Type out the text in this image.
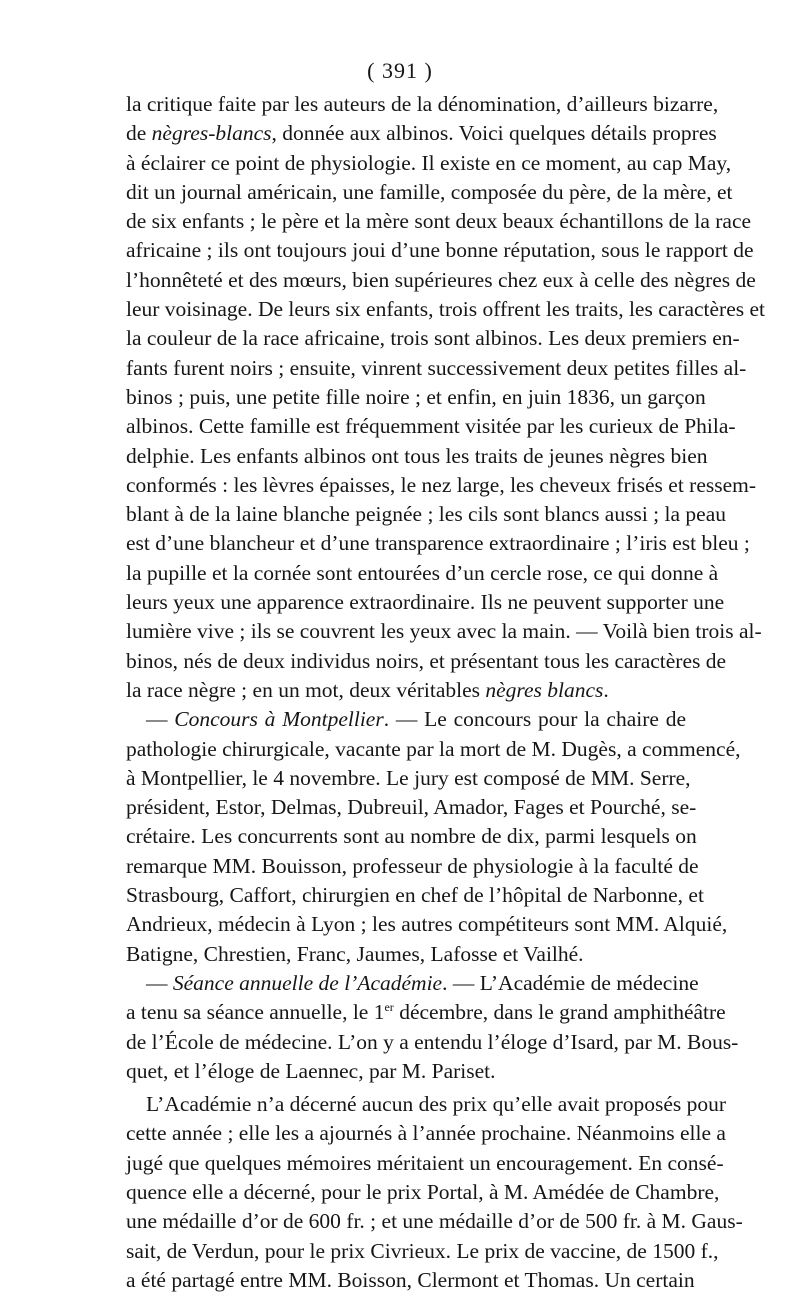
( 391 )
la critique faite par les auteurs de la dénomination, d’ailleurs bizarre,
de nègres-blancs, donnée aux albinos. Voici quelques détails propres
à éclairer ce point de physiologie. Il existe en ce moment, au cap May,
dit un journal américain, une famille, composée du père, de la mère, et
de six enfants ; le père et la mère sont deux beaux échantillons de la race
africaine ; ils ont toujours joui d’une bonne réputation, sous le rapport de
l’honnêteté et des mœurs, bien supérieures chez eux à celle des nègres de
leur voisinage. De leurs six enfants, trois offrent les traits, les caractères et
la couleur de la race africaine, trois sont albinos. Les deux premiers en-
fants furent noirs ; ensuite, vinrent successivement deux petites filles al-
binos ; puis, une petite fille noire ; et enfin, en juin 1836, un garçon
albinos. Cette famille est fréquemment visitée par les curieux de Phila-
delphie. Les enfants albinos ont tous les traits de jeunes nègres bien
conformés : les lèvres épaisses, le nez large, les cheveux frisés et ressem-
blant à de la laine blanche peignée ; les cils sont blancs aussi ; la peau
est d’une blancheur et d’une transparence extraordinaire ; l’iris est bleu ;
la pupille et la cornée sont entourées d’un cercle rose, ce qui donne à
leurs yeux une apparence extraordinaire. Ils ne peuvent supporter une
lumière vive ; ils se couvrent les yeux avec la main. — Voilà bien trois al-
binos, nés de deux individus noirs, et présentant tous les caractères de
la race nègre ; en un mot, deux véritables nègres blancs.
— Concours à Montpellier. — Le concours pour la chaire de
pathologie chirurgicale, vacante par la mort de M. Dugès, a commencé,
à Montpellier, le 4 novembre. Le jury est composé de MM. Serre,
président, Estor, Delmas, Dubreuil, Amador, Fages et Pourché, se-
crétaire. Les concurrents sont au nombre de dix, parmi lesquels on
remarque MM. Bouisson, professeur de physiologie à la faculté de
Strasbourg, Caffort, chirurgien en chef de l’hôpital de Narbonne, et
Andrieux, médecin à Lyon ; les autres compétiteurs sont MM. Alquié,
Batigne, Chrestien, Franc, Jaumes, Lafosse et Vailhé.
— Séance annuelle de l’Académie. — L’Académie de médecine
a tenu sa séance annuelle, le 1er décembre, dans le grand amphithéâtre
de l’École de médecine. L’on y a entendu l’éloge d’Isard, par M. Bous-
quet, et l’éloge de Laennec, par M. Pariset.
L’Académie n’a décerné aucun des prix qu’elle avait proposés pour
cette année ; elle les a ajournés à l’année prochaine. Néanmoins elle a
jugé que quelques mémoires méritaient un encouragement. En consé-
quence elle a décerné, pour le prix Portal, à M. Amédée de Chambre,
une médaille d’or de 600 fr. ; et une médaille d’or de 500 fr. à M. Gaus-
sait, de Verdun, pour le prix Civrieux. Le prix de vaccine, de 1500 f.,
a été partagé entre MM. Boisson, Clermont et Thomas. Un certain
